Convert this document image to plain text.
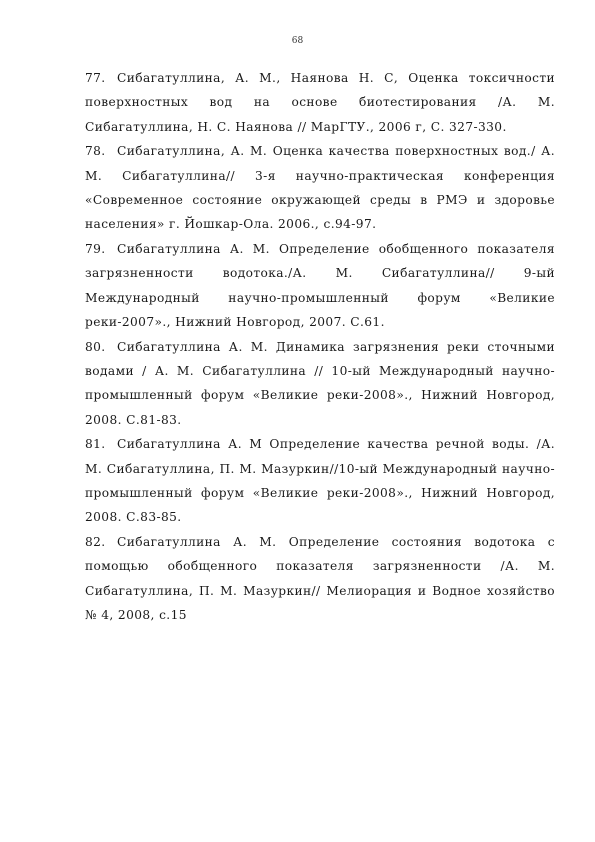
68

77. Сибагатуллина, А. М., Наянова Н. С, Оценка токсичности поверхностных вод на основе биотестирования /А. М. Сибагатуллина, Н. С. Наянова // МарГТУ., 2006 г, С. 327-330.

78. Сибагатуллина, А. М. Оценка качества поверхностных вод./ А. М. Сибагатуллина// 3-я научно-практическая конференция «Современное состояние окружающей среды в РМЭ и здоровье населения» г. Йошкар-Ола. 2006., с.94-97.

79. Сибагатуллина А. М. Определение обобщенного показателя загрязненности водотока./А. М. Сибагатуллина// 9-ый Международный научно-промышленный форум «Великие реки-2007»., Нижний Новгород, 2007. С.61.

80. Сибагатуллина А. М. Динамика загрязнения реки сточными водами / А. М. Сибагатуллина // 10-ый Международный научно-промышленный форум «Великие реки-2008»., Нижний Новгород, 2008. С.81-83.

81. Сибагатуллина А. М Определение качества речной воды. /А. М. Сибагатуллина, П. М. Мазуркин//10-ый Международный научно-промышленный форум «Великие реки-2008»., Нижний Новгород, 2008. С.83-85.

82. Сибагатуллина А. М. Определение состояния водотока с помощью обобщенного показателя загрязненности /А. М. Сибагатуллина, П. М. Мазуркин// Мелиорация и Водное хозяйство № 4, 2008, с.15
